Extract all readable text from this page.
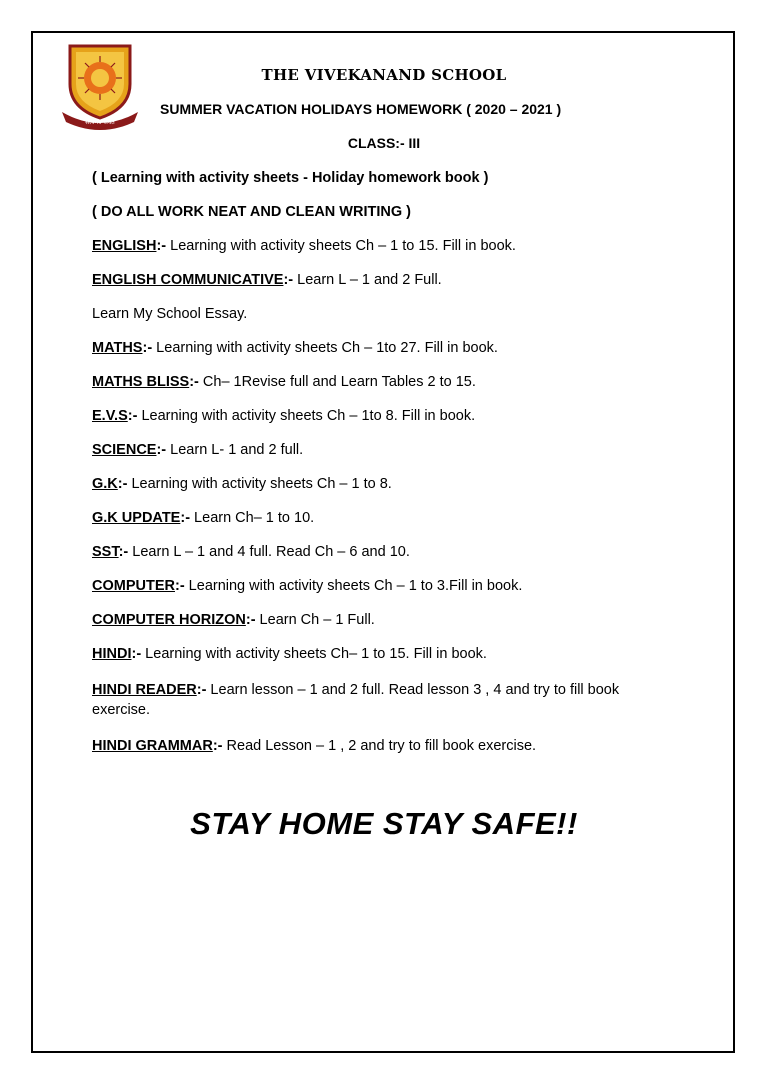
सत्यमेव जयते
THE VIVEKANAND SCHOOL
SUMMER VACATION HOLIDAYS HOMEWORK ( 2020 – 2021 )
CLASS:- III
( Learning with activity sheets - Holiday homework book )
( DO ALL WORK NEAT AND CLEAN WRITING )
ENGLISH:- Learning with activity sheets Ch – 1 to 15. Fill in book.
ENGLISH COMMUNICATIVE:- Learn L – 1 and 2 Full.
Learn My School Essay.
MATHS:- Learning with activity sheets Ch – 1to 27. Fill in book.
MATHS BLISS:- Ch– 1Revise full and Learn Tables 2 to 15.
E.V.S:- Learning with activity sheets Ch – 1to 8. Fill in book.
SCIENCE:- Learn L- 1 and 2 full.
G.K:- Learning with activity sheets Ch – 1 to 8.
G.K UPDATE:- Learn Ch– 1 to 10.
SST:- Learn L – 1 and 4 full. Read Ch – 6 and 10.
COMPUTER:- Learning with activity sheets Ch – 1 to 3.Fill in book.
COMPUTER HORIZON:- Learn Ch – 1 Full.
HINDI:- Learning with activity sheets Ch– 1 to 15. Fill in book.
HINDI READER:- Learn lesson – 1 and 2 full. Read lesson 3 , 4 and try to fill book exercise.
HINDI GRAMMAR:- Read Lesson – 1 , 2 and try to fill book exercise.
STAY HOME STAY SAFE!!
